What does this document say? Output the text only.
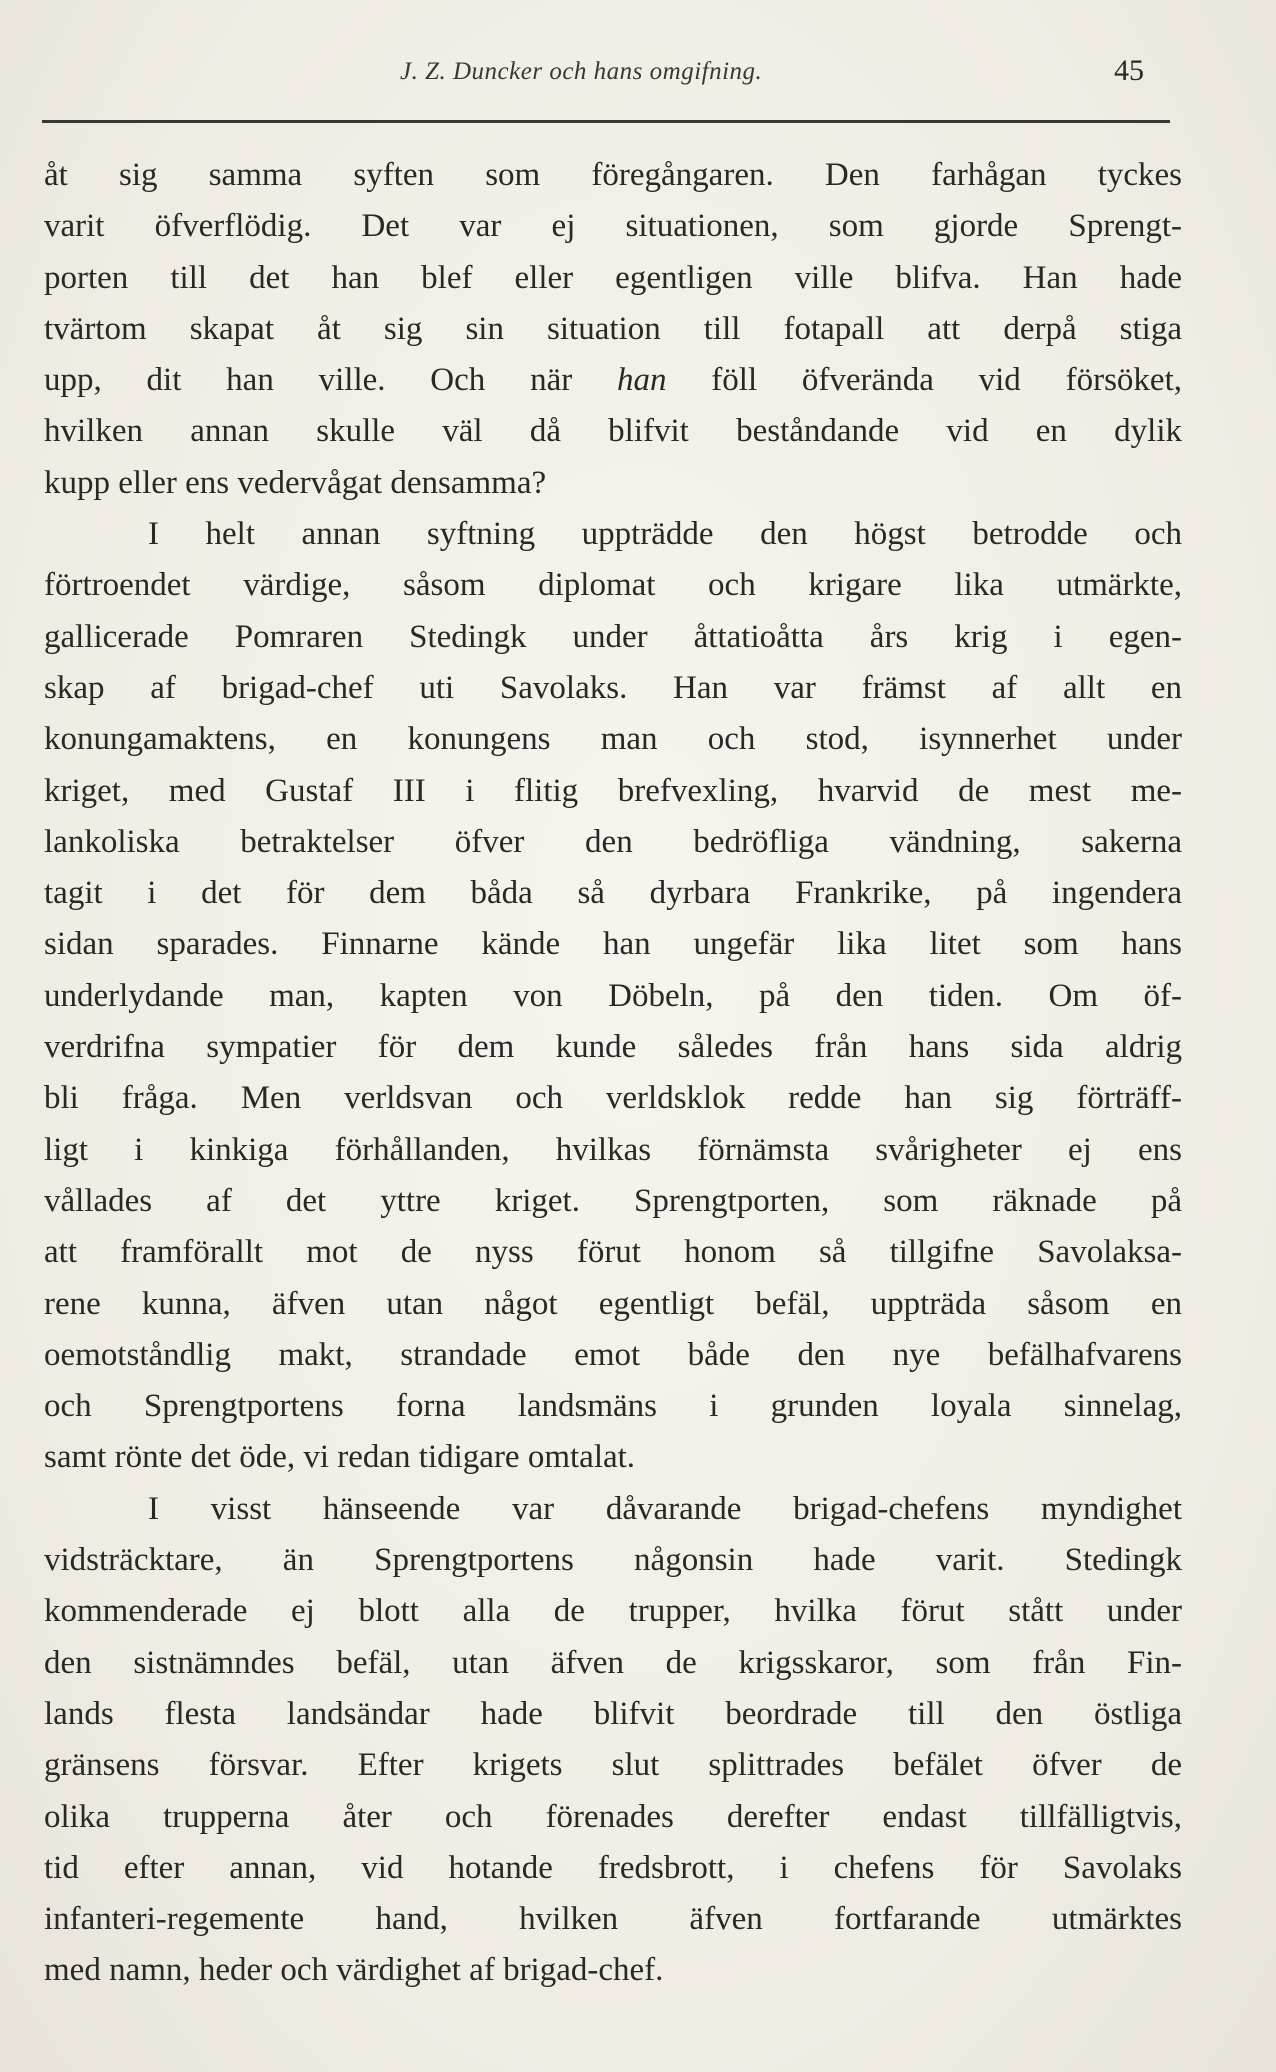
J. Z. Duncker och hans omgifning.	45
åt sig samma syften som föregångaren. Den farhågan tyckes
varit öfverflödig. Det var ej situationen, som gjorde Sprengt-
porten till det han blef eller egentligen ville blifva. Han hade
tvärtom skapat åt sig sin situation till fotapall att derpå stiga
upp, dit han ville. Och när han föll öfverända vid försöket,
hvilken annan skulle väl då blifvit beståndande vid en dylik
kupp eller ens vedervågat densamma?
I helt annan syftning uppträdde den högst betrodde och
förtroendet värdige, såsom diplomat och krigare lika utmärkte,
gallicerade Pomraren Stedingk under åttatioåtta års krig i egen-
skap af brigad-chef uti Savolaks. Han var främst af allt en
konungamaktens, en konungens man och stod, isynnerhet under
kriget, med Gustaf III i flitig brefvexling, hvarvid de mest me-
lankoliska betraktelser öfver den bedröfliga vändning, sakerna
tagit i det för dem båda så dyrbara Frankrike, på ingendera
sidan sparades. Finnarne kände han ungefär lika litet som hans
underlydande man, kapten von Döbeln, på den tiden. Om öf-
verdrifna sympatier för dem kunde således från hans sida aldrig
bli fråga. Men verldsvan och verldsklok redde han sig förträff-
ligt i kinkiga förhållanden, hvilkas förnämsta svårigheter ej ens
vållades af det yttre kriget. Sprengtporten, som räknade på
att framförallt mot de nyss förut honom så tillgifne Savolaksa-
rene kunna, äfven utan något egentligt befäl, uppträda såsom en
oemotståndlig makt, strandade emot både den nye befälhafvarens
och Sprengtportens forna landsmäns i grunden loyala sinnelag,
samt rönte det öde, vi redan tidigare omtalat.
I visst hänseende var dåvarande brigad-chefens myndighet
vidsträcktare, än Sprengtportens någonsin hade varit. Stedingk
kommenderade ej blott alla de trupper, hvilka förut stått under
den sistnämndes befäl, utan äfven de krigsskaror, som från Fin-
lands flesta landsändar hade blifvit beordrade till den östliga
gränsens försvar. Efter krigets slut splittrades befälet öfver de
olika trupperna åter och förenades derefter endast tillfälligtvis,
tid efter annan, vid hotande fredsbrott, i chefens för Savolaks
infanteri-regemente hand, hvilken äfven fortfarande utmärktes
med namn, heder och värdighet af brigad-chef.
